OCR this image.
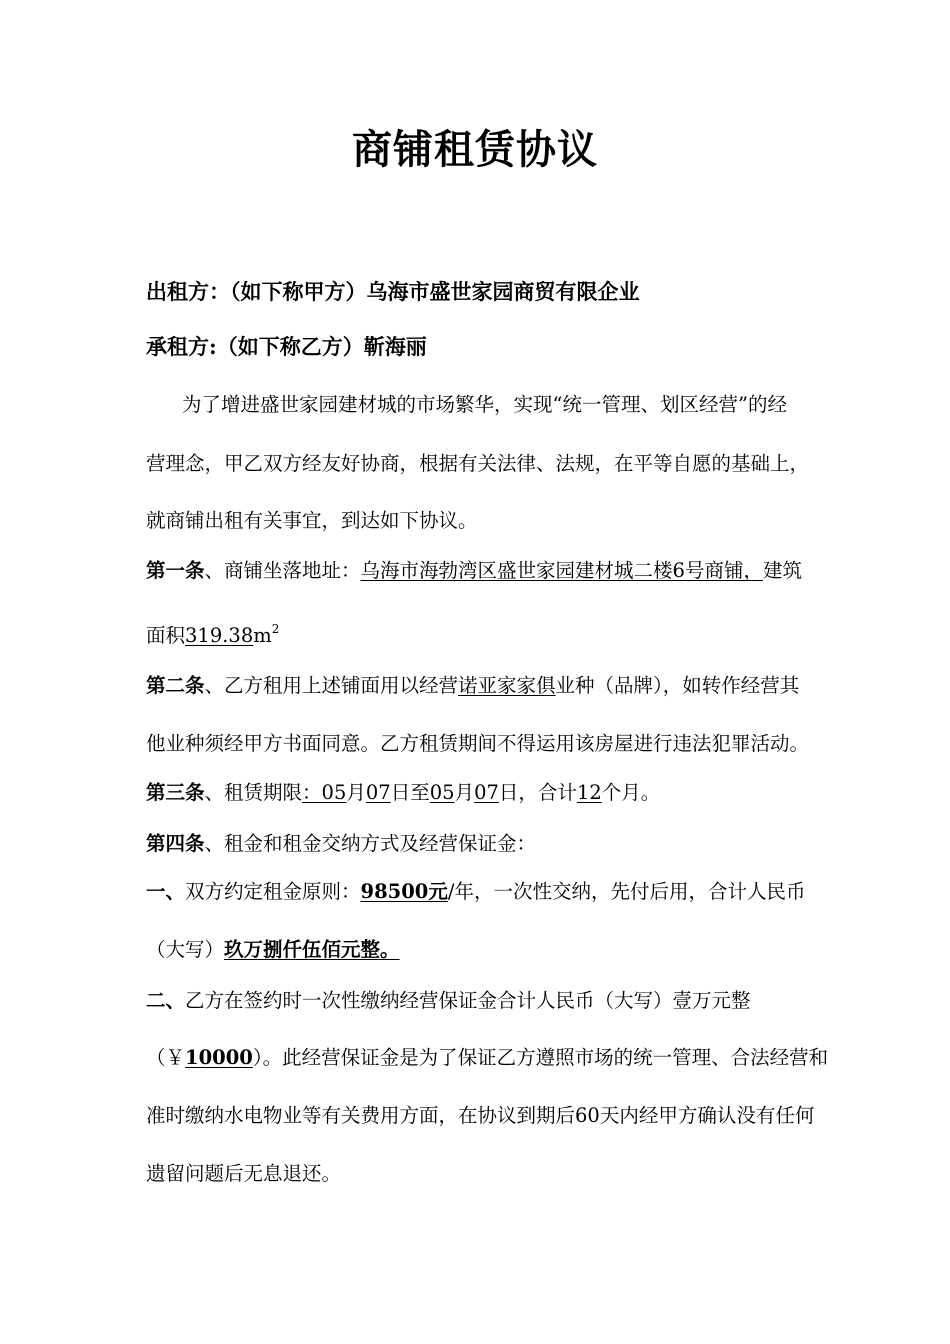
商铺租赁协议

出租方：（如下称甲方）乌海市盛世家园商贸有限企业

承租方:（如下称乙方）靳海丽

为了增进盛世家园建材城的市场繁华，实现“统一管理、划区经营”的经

营理念，甲乙双方经友好协商，根据有关法律、法规，在平等自愿的基础上，

就商铺出租有关事宜，到达如下协议。

第一条、商铺坐落地址：乌海市海勃湾区盛世家园建材城二楼6号商铺，建筑

面积$319.38m^2$

第二条、乙方租用上述铺面用以经营诺亚家家俱业种（品牌），如转作经营其

他业种须经甲方书面同意。乙方租赁期间不得运用该房屋进行违法犯罪活动。

第三条、租赁期限：05月07日至05月07日，合计12个月。

第四条、租金和租金交纳方式及经营保证金：

一、双方约定租金原则：98500元/年，一次性交纳，先付后用，合计人民币

（大写）玖万捌仟伍佰元整。

二、乙方在签约时一次性缴纳经营保证金合计人民币（大写）壹万元整

（￥10000）。此经营保证金是为了保证乙方遵照市场的统一管理、合法经营和

准时缴纳水电物业等有关费用方面，在协议到期后60天内经甲方确认没有任何

遗留问题后无息退还。
